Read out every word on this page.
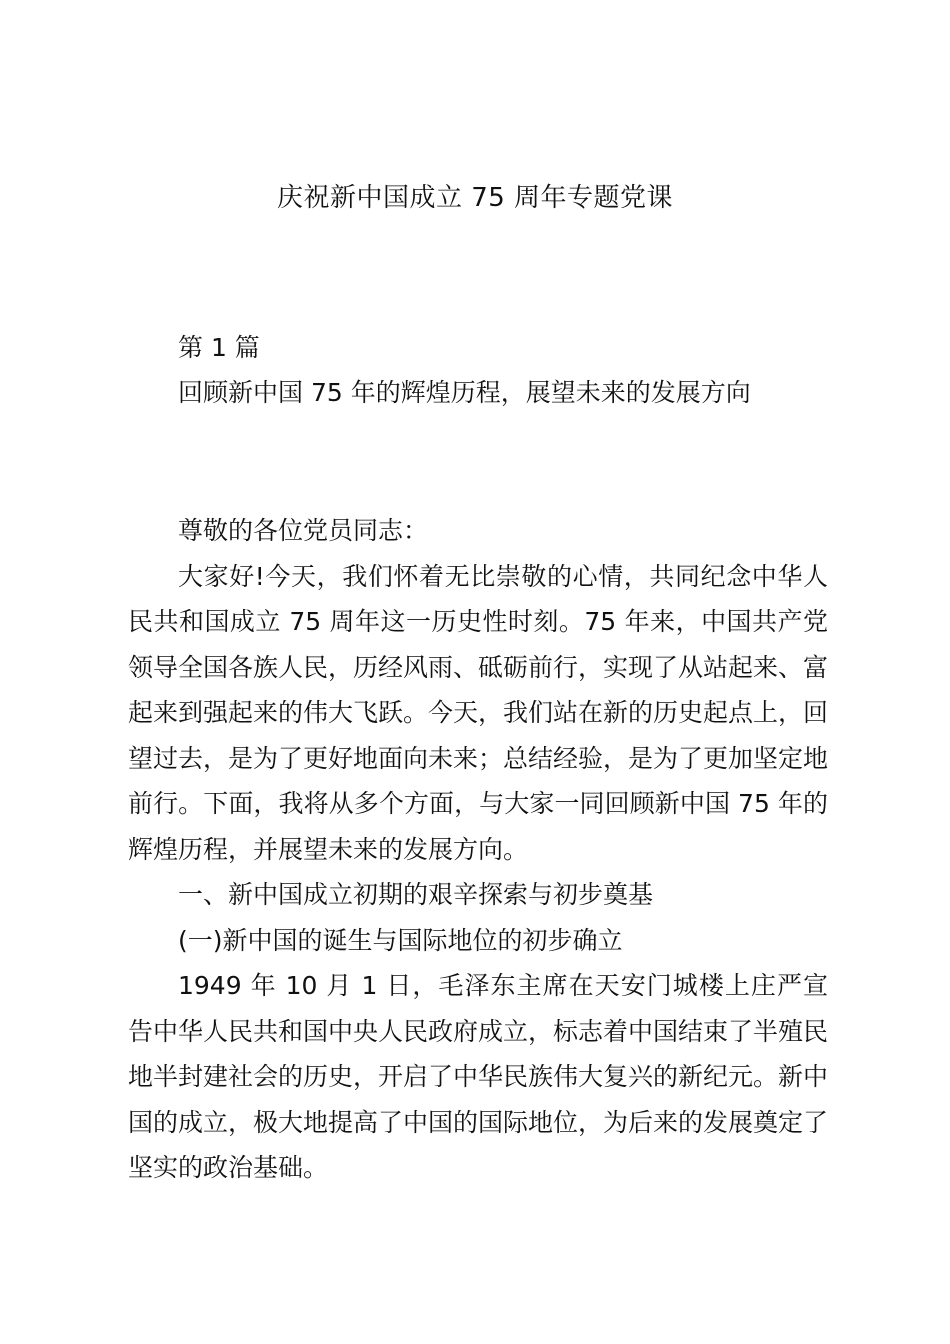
庆祝新中国成立 75 周年专题党课
第 1 篇
回顾新中国 75 年的辉煌历程，展望未来的发展方向

尊敬的各位党员同志：

大家好!今天，我们怀着无比崇敬的心情，共同纪念中华人民共和国成立 75 周年这一历史性时刻。75 年来，中国共产党领导全国各族人民，历经风雨、砥砺前行，实现了从站起来、富起来到强起来的伟大飞跃。今天，我们站在新的历史起点上，回望过去，是为了更好地面向未来；总结经验，是为了更加坚定地前行。下面，我将从多个方面，与大家一同回顾新中国 75 年的辉煌历程，并展望未来的发展方向。

一、新中国成立初期的艰辛探索与初步奠基

(一)新中国的诞生与国际地位的初步确立

1949 年 10 月 1 日，毛泽东主席在天安门城楼上庄严宣告中华人民共和国中央人民政府成立，标志着中国结束了半殖民地半封建社会的历史，开启了中华民族伟大复兴的新纪元。新中国的成立，极大地提高了中国的国际地位，为后来的发展奠定了坚实的政治基础。
